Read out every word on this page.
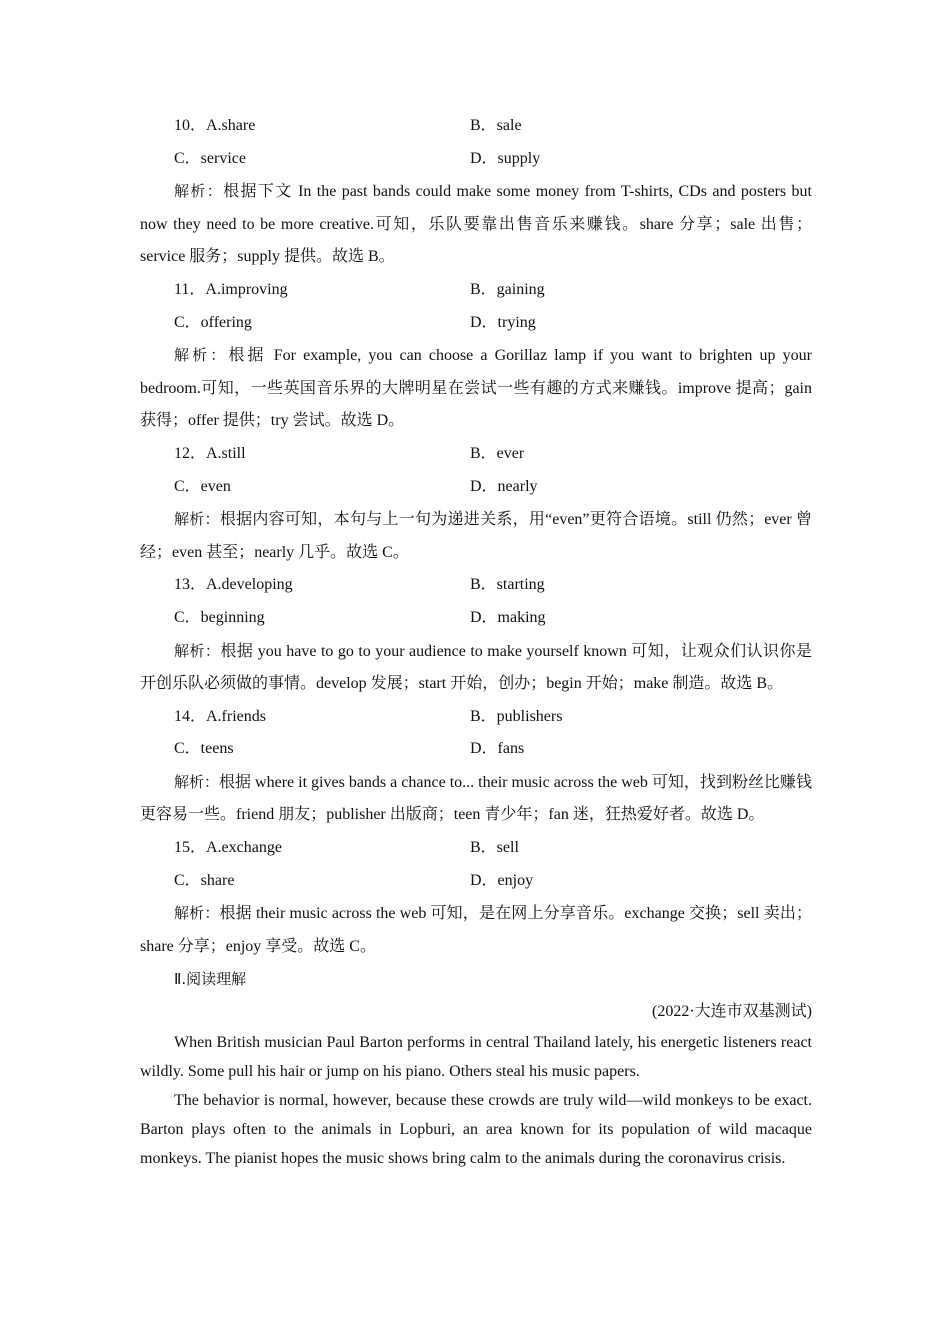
10．A.share	B．sale
C．service	D．supply

解析：根据下文 In the past bands could make some money from T-shirts, CDs and posters but now they need to be more creative.可知，乐队要靠出售音乐来赚钱。share 分享；sale 出售；service 服务；supply 提供。故选 B。

11．A.improving	B．gaining
C．offering	D．trying

解析：根据 For example, you can choose a Gorillaz lamp if you want to brighten up your bedroom.可知，一些英国音乐界的大牌明星在尝试一些有趣的方式来赚钱。improve 提高；gain 获得；offer 提供；try 尝试。故选 D。

12．A.still	B．ever
C．even	D．nearly

解析：根据内容可知，本句与上一句为递进关系，用“even”更符合语境。still 仍然；ever 曾经；even 甚至；nearly 几乎。故选 C。

13．A.developing	B．starting
C．beginning	D．making

解析：根据 you have to go to your audience to make yourself known 可知，让观众们认识你是开创乐队必须做的事情。develop 发展；start 开始，创办；begin 开始；make 制造。故选 B。

14．A.friends	B．publishers
C．teens	D．fans

解析：根据 where it gives bands a chance to... their music across the web 可知，找到粉丝比赚钱更容易一些。friend 朋友；publisher 出版商；teen 青少年；fan 迷，狂热爱好者。故选 D。

15．A.exchange	B．sell
C．share	D．enjoy

解析：根据 their music across the web 可知，是在网上分享音乐。exchange 交换；sell 卖出；share 分享；enjoy 享受。故选 C。

Ⅱ.阅读理解
(2022·大连市双基测试)

When British musician Paul Barton performs in central Thailand lately, his energetic listeners react wildly. Some pull his hair or jump on his piano. Others steal his music papers.

The behavior is normal, however, because these crowds are truly wild—wild monkeys to be exact. Barton plays often to the animals in Lopburi, an area known for its population of wild macaque monkeys. The pianist hopes the music shows bring calm to the animals during the coronavirus crisis.
